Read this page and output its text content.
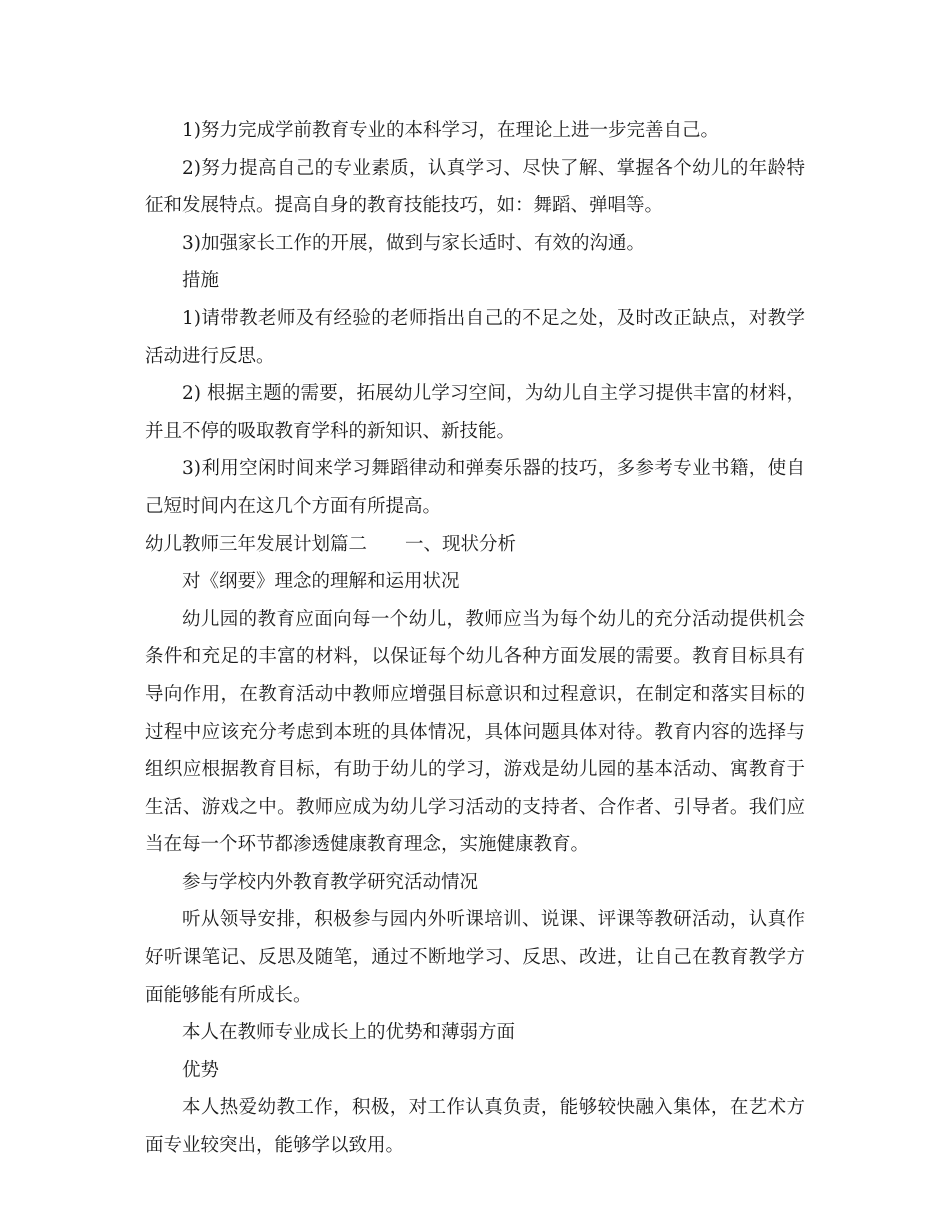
1)努力完成学前教育专业的本科学习，在理论上进一步完善自己。

2)努力提高自己的专业素质，认真学习、尽快了解、掌握各个幼儿的年龄特征和发展特点。提高自身的教育技能技巧，如：舞蹈、弹唱等。

3)加强家长工作的开展，做到与家长适时、有效的沟通。

措施

1)请带教老师及有经验的老师指出自己的不足之处，及时改正缺点，对教学活动进行反思。

2) 根据主题的需要，拓展幼儿学习空间，为幼儿自主学习提供丰富的材料，并且不停的吸取教育学科的新知识、新技能。

3)利用空闲时间来学习舞蹈律动和弹奏乐器的技巧，多参考专业书籍，使自己短时间内在这几个方面有所提高。

幼儿教师三年发展计划篇二 一、现状分析

对《纲要》理念的理解和运用状况

幼儿园的教育应面向每一个幼儿，教师应当为每个幼儿的充分活动提供机会条件和充足的丰富的材料，以保证每个幼儿各种方面发展的需要。教育目标具有导向作用，在教育活动中教师应增强目标意识和过程意识，在制定和落实目标的过程中应该充分考虑到本班的具体情况，具体问题具体对待。教育内容的选择与组织应根据教育目标，有助于幼儿的学习，游戏是幼儿园的基本活动、寓教育于生活、游戏之中。教师应成为幼儿学习活动的支持者、合作者、引导者。我们应当在每一个环节都渗透健康教育理念，实施健康教育。

参与学校内外教育教学研究活动情况

听从领导安排，积极参与园内外听课培训、说课、评课等教研活动，认真作好听课笔记、反思及随笔，通过不断地学习、反思、改进，让自己在教育教学方面能够能有所成长。

本人在教师专业成长上的优势和薄弱方面

优势

本人热爱幼教工作，积极，对工作认真负责，能够较快融入集体，在艺术方面专业较突出，能够学以致用。
